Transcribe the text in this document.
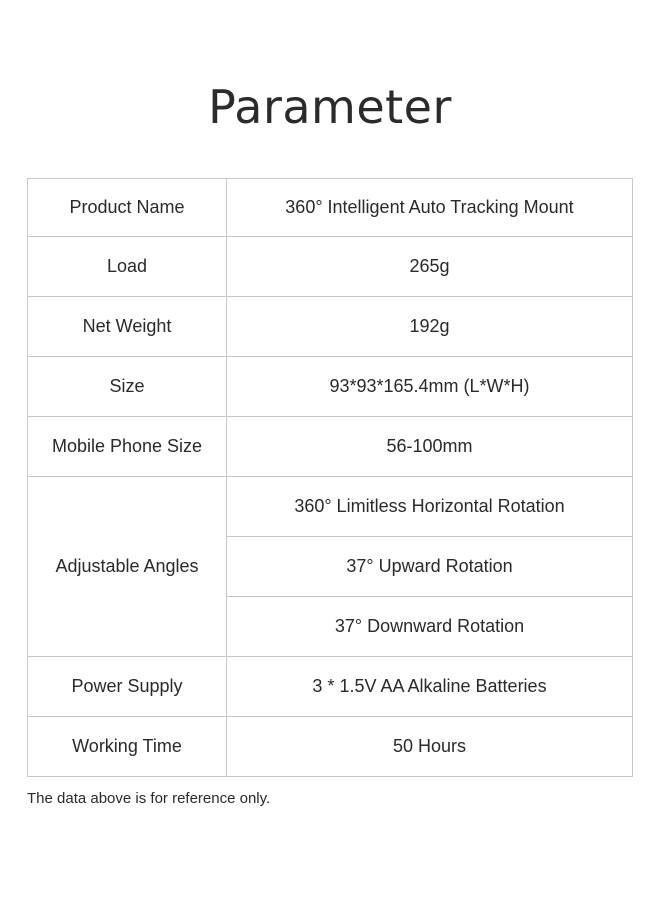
Parameter
Product Name	360° Intelligent Auto Tracking Mount
Load	265g
Net Weight	192g
Size	93*93*165.4mm (L*W*H)
Mobile Phone Size	56-100mm
Adjustable Angles	360° Limitless Horizontal Rotation
	37° Upward Rotation
	37° Downward Rotation
Power Supply	3 * 1.5V AA Alkaline Batteries
Working Time	50 Hours
The data above is for reference only.
